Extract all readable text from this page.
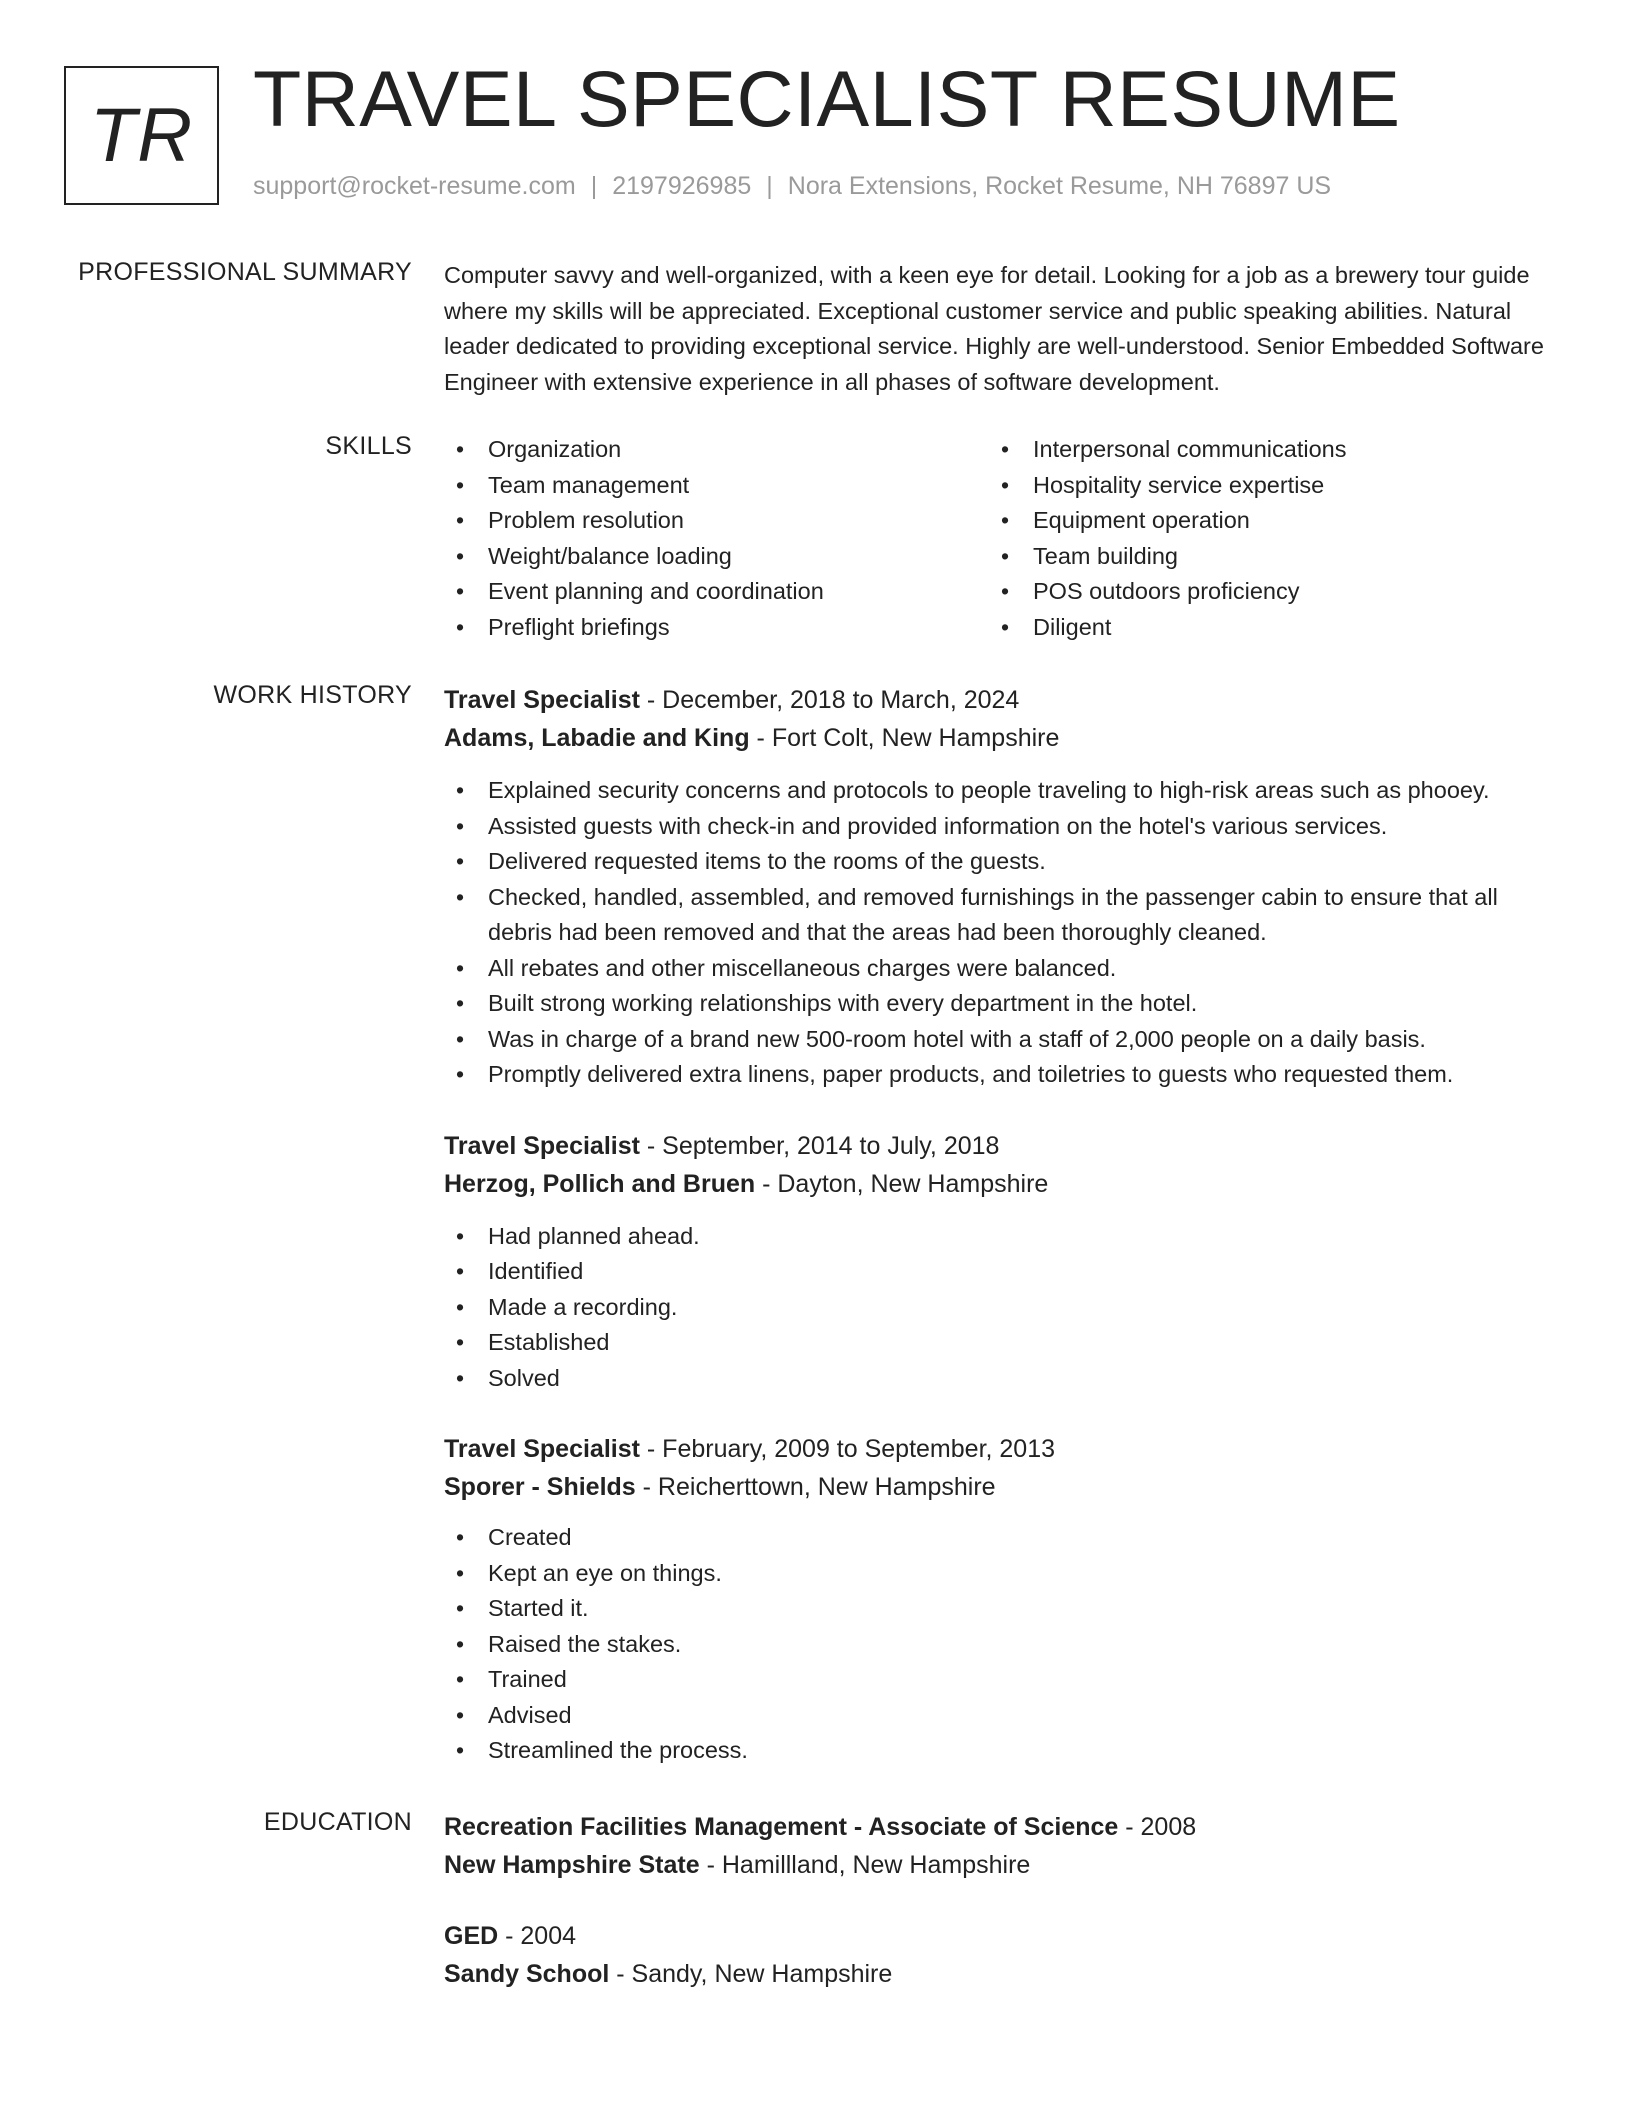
TR TRAVEL SPECIALIST RESUME
support@rocket-resume.com | 2197926985 | Nora Extensions, Rocket Resume, NH 76897 US
PROFESSIONAL SUMMARY Computer savvy and well-organized, with a keen eye for detail. Looking for a job as a brewery tour guide where my skills will be appreciated. Exceptional customer service and public speaking abilities. Natural leader dedicated to providing exceptional service. Highly are well-understood. Senior Embedded Software Engineer with extensive experience in all phases of software development.

SKILLS
•	Organization
• Team management
• Problem resolution
• Weight/balance loading
• Event planning and coordination
• Preflight briefings
• Interpersonal communications
• Hospitality service expertise
• Equipment operation
• Team building
• POS outdoors proficiency
• Diligent
WORK HISTORY Travel Specialist - December, 2018 to March, 2024
Adams, Labadie and King - Fort Colt, New Hampshire
• Explained security concerns and protocols to people traveling to high-risk areas such as phooey.
• Assisted guests with check-in and provided information on the hotel's various services.
• Delivered requested items to the rooms of the guests.
• Checked, handled, assembled, and removed furnishings in the passenger cabin to ensure that all debris had been removed and that the areas had been thoroughly cleaned.
• All rebates and other miscellaneous charges were balanced.
• Built strong working relationships with every department in the hotel.
• Was in charge of a brand new 500-room hotel with a staff of 2,000 people on a daily basis.
• Promptly delivered extra linens, paper products, and toiletries to guests who requested them.
Travel Specialist - September, 2014 to July, 2018
Herzog, Pollich and Bruen - Dayton, New Hampshire
• Had planned ahead.
• Identified
• Made a recording.
• Established
• Solved
Travel Specialist - February, 2009 to September, 2013
Sporer - Shields - Reicherttown, New Hampshire
• Created
• Kept an eye on things.
• Started it.
• Raised the stakes.
• Trained
• Advised
• Streamlined the process.
EDUCATION Recreation Facilities Management - Associate of Science - 2008
New Hampshire State - Hamillland, New Hampshire
GED - 2004
Sandy School - Sandy, New Hampshire
